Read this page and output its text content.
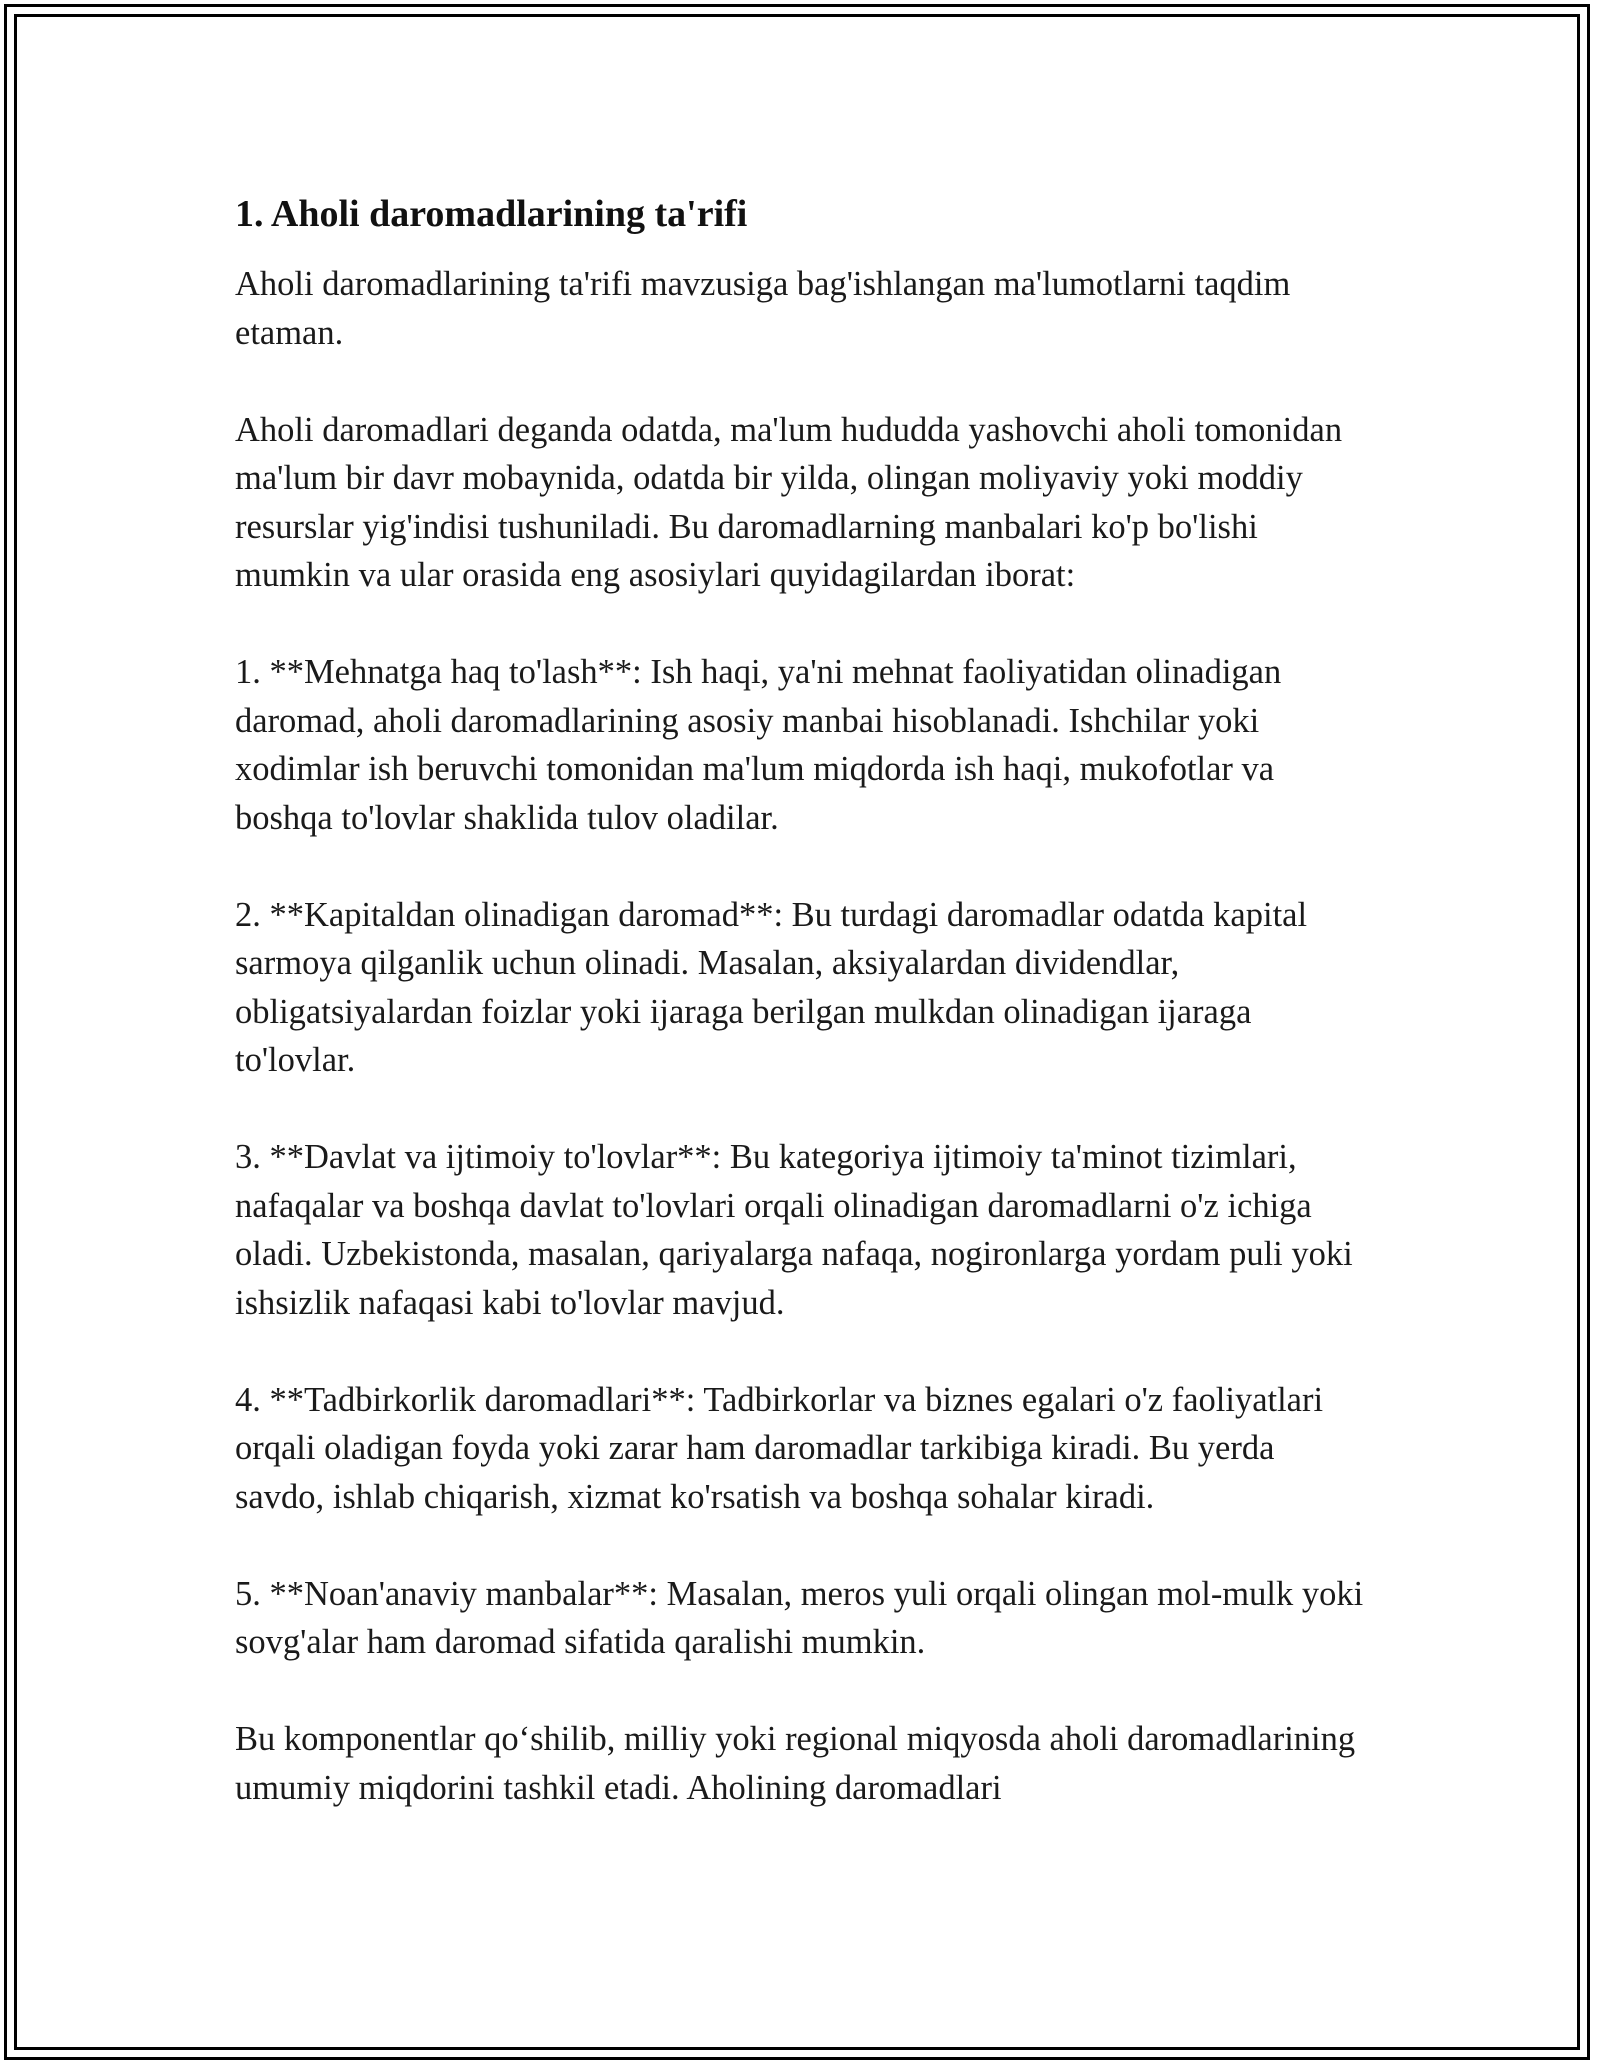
1. Aholi daromadlarining ta'rifi

Aholi daromadlarining ta'rifi mavzusiga bag'ishlangan ma'lumotlarni taqdim etaman.

Aholi daromadlari deganda odatda, ma'lum hududda yashovchi aholi tomonidan ma'lum bir davr mobaynida, odatda bir yilda, olingan moliyaviy yoki moddiy resurslar yig'indisi tushuniladi. Bu daromadlarning manbalari ko'p bo'lishi mumkin va ular orasida eng asosiylari quyidagilardan iborat:

1. **Mehnatga haq to'lash**: Ish haqi, ya'ni mehnat faoliyatidan olinadigan daromad, aholi daromadlarining asosiy manbai hisoblanadi. Ishchilar yoki xodimlar ish beruvchi tomonidan ma'lum miqdorda ish haqi, mukofotlar va boshqa to'lovlar shaklida tulov oladilar.

2. **Kapitaldan olinadigan daromad**: Bu turdagi daromadlar odatda kapital sarmoya qilganlik uchun olinadi. Masalan, aksiyalardan dividendlar, obligatsiyalardan foizlar yoki ijaraga berilgan mulkdan olinadigan ijaraga to'lovlar.

3. **Davlat va ijtimoiy to'lovlar**: Bu kategoriya ijtimoiy ta'minot tizimlari, nafaqalar va boshqa davlat to'lovlari orqali olinadigan daromadlarni o'z ichiga oladi. Uzbekistonda, masalan, qariyalarga nafaqa, nogironlarga yordam puli yoki ishsizlik nafaqasi kabi to'lovlar mavjud.

4. **Tadbirkorlik daromadlari**: Tadbirkorlar va biznes egalari o'z faoliyatlari orqali oladigan foyda yoki zarar ham daromadlar tarkibiga kiradi. Bu yerda savdo, ishlab chiqarish, xizmat ko'rsatish va boshqa sohalar kiradi.

5. **Noan'anaviy manbalar**: Masalan, meros yuli orqali olingan mol-mulk yoki sovg'alar ham daromad sifatida qaralishi mumkin.

Bu komponentlar qo‘shilib, milliy yoki regional miqyosda aholi daromadlarining umumiy miqdorini tashkil etadi. Aholining daromadlari
